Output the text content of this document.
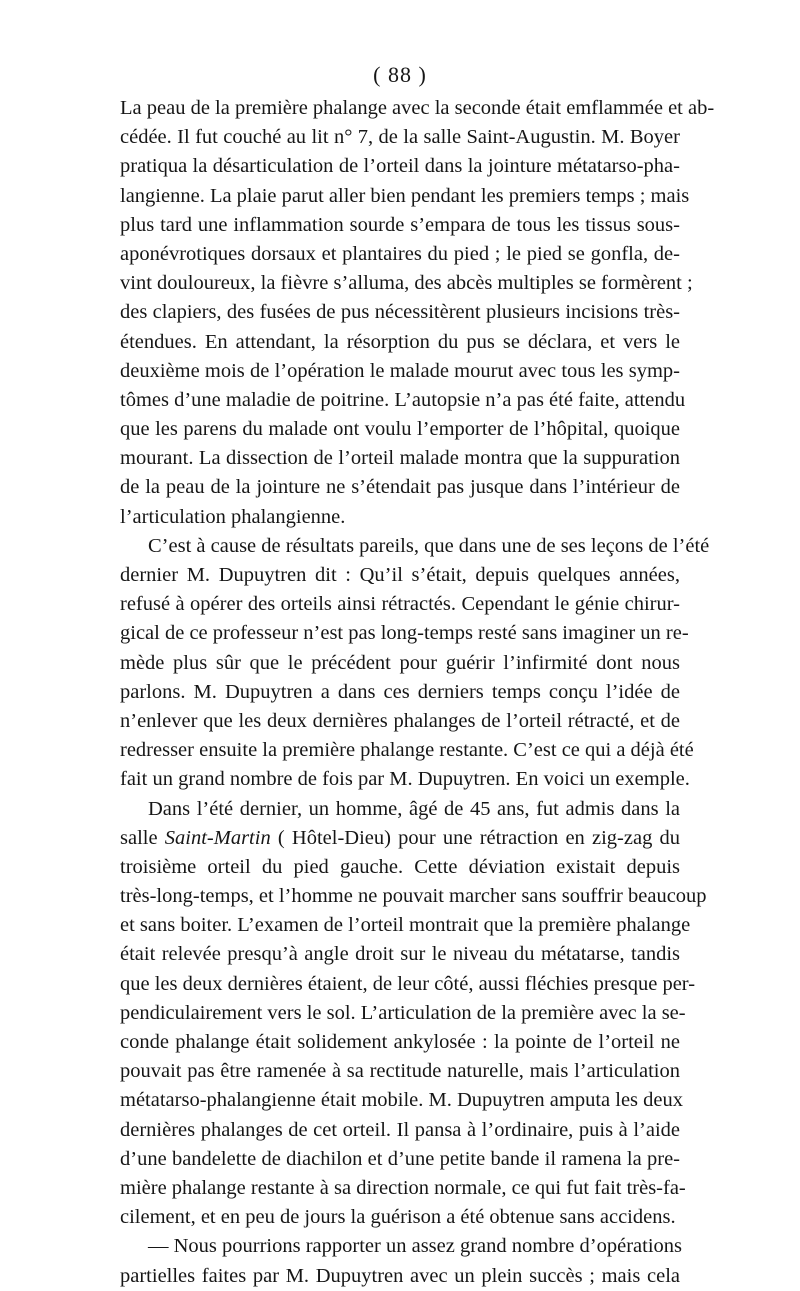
( 88 )
La peau de la première phalange avec la seconde était emflammée et ab-
cédée. Il fut couché au lit n° 7, de la salle Saint-Augustin. M. Boyer
pratiqua la désarticulation de l’orteil dans la jointure métatarso-pha-
langienne. La plaie parut aller bien pendant les premiers temps ; mais
plus tard une inflammation sourde s’empara de tous les tissus sous-
aponévrotiques dorsaux et plantaires du pied ; le pied se gonfla, de-
vint douloureux, la fièvre s’alluma, des abcès multiples se formèrent ;
des clapiers, des fusées de pus nécessitèrent plusieurs incisions très-
étendues. En attendant, la résorption du pus se déclara, et vers le
deuxième mois de l’opération le malade mourut avec tous les symp-
tômes d’une maladie de poitrine. L’autopsie n’a pas été faite, attendu
que les parens du malade ont voulu l’emporter de l’hôpital, quoique
mourant. La dissection de l’orteil malade montra que la suppuration
de la peau de la jointure ne s’étendait pas jusque dans l’intérieur de
l’articulation phalangienne.
C’est à cause de résultats pareils, que dans une de ses leçons de l’été
dernier M. Dupuytren dit : Qu’il s’était, depuis quelques années,
refusé à opérer des orteils ainsi rétractés. Cependant le génie chirur-
gical de ce professeur n’est pas long-temps resté sans imaginer un re-
mède plus sûr que le précédent pour guérir l’infirmité dont nous
parlons. M. Dupuytren a dans ces derniers temps conçu l’idée de
n’enlever que les deux dernières phalanges de l’orteil rétracté, et de
redresser ensuite la première phalange restante. C’est ce qui a déjà été
fait un grand nombre de fois par M. Dupuytren. En voici un exemple.
Dans l’été dernier, un homme, âgé de 45 ans, fut admis dans la
salle Saint-Martin ( Hôtel-Dieu) pour une rétraction en zig-zag du
troisième orteil du pied gauche. Cette déviation existait depuis
très-long-temps, et l’homme ne pouvait marcher sans souffrir beaucoup
et sans boiter. L’examen de l’orteil montrait que la première phalange
était relevée presqu’à angle droit sur le niveau du métatarse, tandis
que les deux dernières étaient, de leur côté, aussi fléchies presque per-
pendiculairement vers le sol. L’articulation de la première avec la se-
conde phalange était solidement ankylosée : la pointe de l’orteil ne
pouvait pas être ramenée à sa rectitude naturelle, mais l’articulation
métatarso-phalangienne était mobile. M. Dupuytren amputa les deux
dernières phalanges de cet orteil. Il pansa à l’ordinaire, puis à l’aide
d’une bandelette de diachilon et d’une petite bande il ramena la pre-
mière phalange restante à sa direction normale, ce qui fut fait très-fa-
cilement, et en peu de jours la guérison a été obtenue sans accidens.
— Nous pourrions rapporter un assez grand nombre d’opérations
partielles faites par M. Dupuytren avec un plein succès ; mais cela
